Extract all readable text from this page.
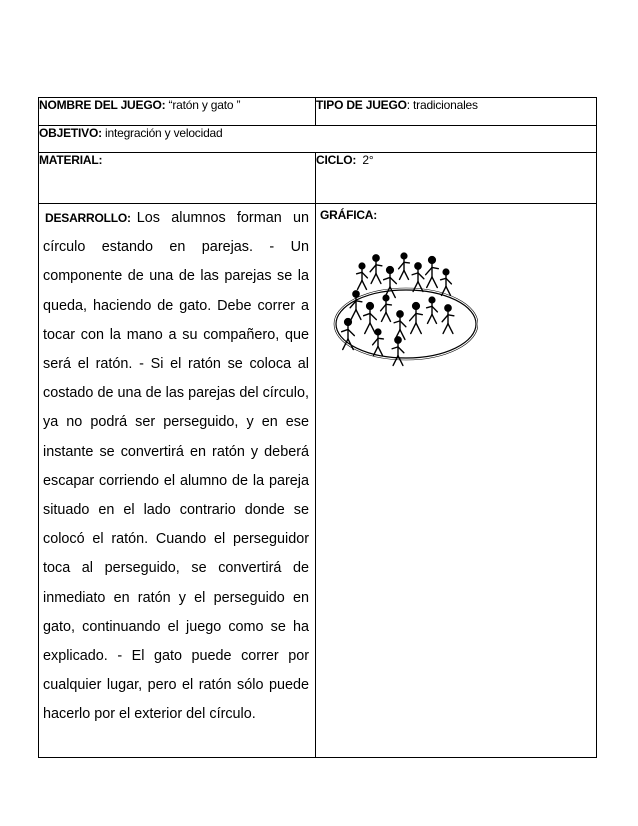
NOMBRE DEL JUEGO: “ratón y gato ”	TIPO DE JUEGO: tradicionales
OBJETIVO: integración y velocidad	
MATERIAL:	CICLO: 2°

DESARROLLO: Los alumnos forman un círculo estando en parejas. - Un componente de una de las parejas se la queda, haciendo de gato. Debe correr a tocar con la mano a su compañero, que será el ratón. - Si el ratón se coloca al costado de una de las parejas del círculo, ya no podrá ser perseguido, y en ese instante se convertirá en ratón y deberá escapar corriendo el alumno de la pareja situado en el lado contrario donde se colocó el ratón. Cuando el perseguidor toca al perseguido, se convertirá de inmediato en ratón y el perseguido en gato, continuando el juego como se ha explicado. - El gato puede correr por cualquier lugar, pero el ratón sólo puede hacerlo por el exterior del círculo.	GRÁFICA:
